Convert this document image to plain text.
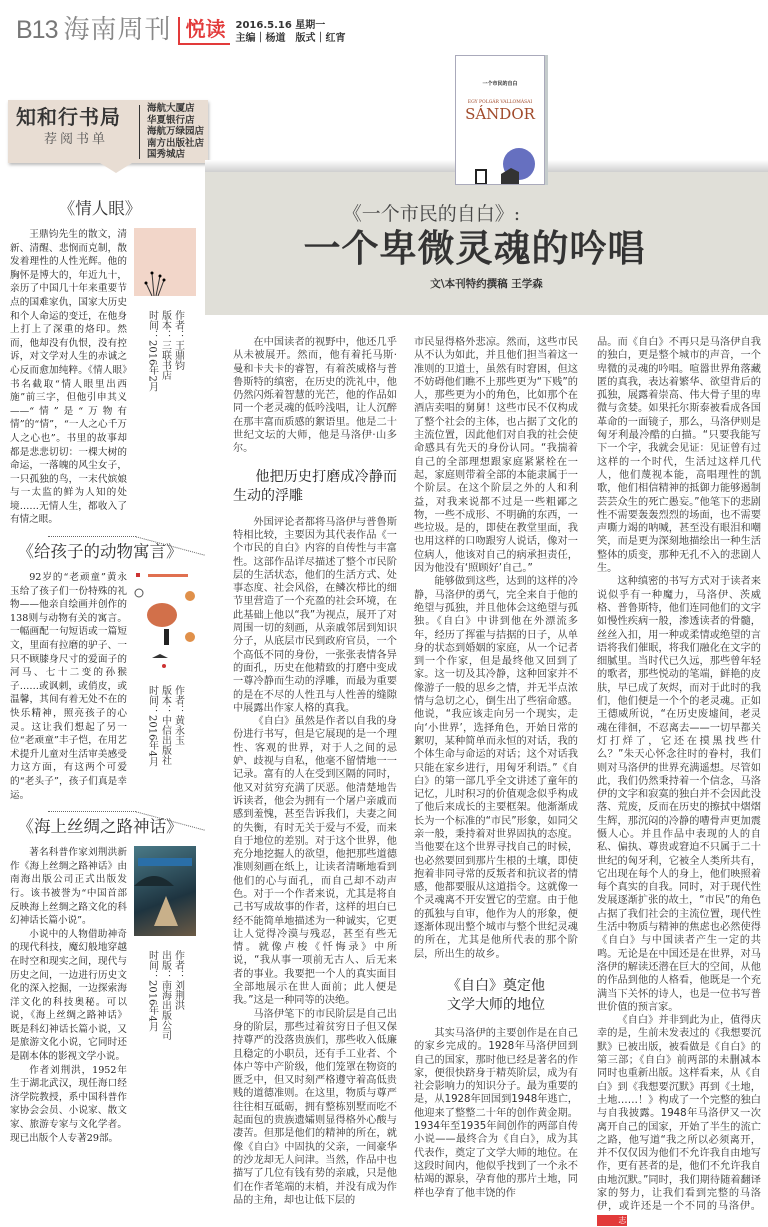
B13 海南周刊 悦读	2016.5.16 星期一
主编｜杨道　版式｜红宵
知和行书局
荐阅书单
海航大厦店
华夏银行店
海航万绿园店
南方出版社店
国秀城店
《情人眼》

王鼎钧先生的散文，清新、清醒、悲悯而克制，散发着理性的人性光辉。他的胸怀是博大的，年近九十，亲历了中国几十年来重要节点的国难家仇，国家大历史和个人命运的变迁，在他身上打上了深重的烙印。然而，他却没有仇恨，没有控诉，对文学对人生的赤诚之心反而愈加纯粹。《情人眼》书名截取“情人眼里出西施”前三字，但他引申其义——“情”是“万物有情”的“情”，“一人之心千万人之心也”。书里的故事却都是悲悲切切：一棵大树的命运，一落魄的风尘女子，一只孤独的鸟，一末代嫔娘与一太监的鲜为人知的处境……无情人生，都收入了有情之眼。

作者：王鼎钧
版本：三联书店
时间：2016年2月
《给孩子的动物寓言》

92岁的“老顽童”黄永玉给了孩子们一份特殊的礼物——他亲自绘画并创作的138则与动物有关的寓言。一幅画配一句短语或一篇短文，里面有拉磨的驴子、一只不顾膝身尺寸的爱面子的河马、七十二变的孙猴子……或讽刺，或俏皮，或温馨，其间有着无处不在的快乐精神，照亮孩子的心灵。这让我们想起了另一位“老顽童”丰子恺，在用艺术提升儿童对生活审美感受力这方面，有这两个可爱的“老头子”，孩子们真是幸运。

作者：黄永玉
版本：中信出版社
时间：2016年4月
《海上丝绸之路神话》

著名科普作家刘荆洪新作《海上丝绸之路神话》由南海出版公司正式出版发行。该书被誉为“中国首部反映海上丝绸之路文化的科幻神话长篇小说”。

小说中的人物借助神奇的现代科技，魔幻般地穿越在时空和现实之间，现代与历史之间，一边进行历史文化的深入挖掘，一边探索海洋文化的科技奥秘。可以说，《海上丝绸之路神话》既是科幻神话长篇小说，又是旅游文化小说，它同时还是剧本体的影视文学小说。

作者刘荆洪，1952年生于湖北武汉，现任海口经济学院教授，系中国科普作家协会会员、小说家、散文家、旅游专家与文化学者。现已出版个人专著29部。

作者：刘荆洪
出版：南海出版公司
时间：2016年4月
《一个市民的自白》:
一个卑微灵魂的吟唱
文\本刊特约撰稿 王学森
一个市民的自白
EGY POLGÁR VALLOMÁSAI
SÁNDOR

在中国读者的视野中，他还几乎从未被展开。然而，他有着托马斯·曼和卡夫卡的睿智，有着茨威格与普鲁斯特的缜密，在历史的洗礼中，他仍然闪烁着智慧的光芒，他的作品如同一个老灵魂的低吟浅唱，让人沉醉在那丰富而质感的絮语里。他是二十世纪文坛的大师，他是马洛伊·山多尔。

他把历史打磨成冷静而生动的浮雕

外国评论者都将马洛伊与普鲁斯特相比较，主要因为其代表作品《一个市民的自白》内容的自传性与丰富性。这部作品详尽描述了整个市民阶层的生活状态，他们的生活方式、处事态度、社会风俗，在鳞次栉比的细节里营造了一个充盈的社会环境，在此基础上他以“我”为视点，展开了对周围一切的刻画，从亲戚邻居到知识分子，从底层市民到政府官员，一个个高低不同的身份，一张张表情各异的面孔，历史在他精致的打磨中变成一尊冷静而生动的浮雕，而最为重要的是在不尽的人性丑与人性善的缝隙中展露出作家人格的真我。

《自白》虽然是作者以自我的身份进行书写，但是它展现的是一个理性、客观的世界，对于人之间的忌妒、歧视与自私，他毫不留情地一一记录。富有的人在受到区隔的同时，他又对贫穷充满了厌恶。他清楚地告诉读者，他会为拥有一个屠户亲戚而感到羞愧，甚至告诉我们，夫妻之间的失衡，有时无关于爱与不爱，而来自于地位的差别。对于这个世界，他充分地挖掘人的欲望，他把那些道德准则刻画在纸上，让读者清晰地看到他们的心与面孔，而自己却不动声色。对于一个作者来说，尤其是将自己书写成故事的作者，这样的坦白已经不能简单地描述为一种诚实，它更让人觉得冷漠与残忍，甚至有些无情。就像卢梭《忏悔录》中所说，“我从事一项前无古人、后无来者的事业。我要把一个人的真实面目全部地展示在世人面前；此人便是我。”这是一种同等的决绝。

马洛伊笔下的市民阶层是自己出身的阶层，那些过着贫穷日子但又保持尊严的没落贵族们，那些收入低廉且稳定的小职员，还有手工业者、个体户等中产阶级，他们笼罩在物资的匮乏中，但又时刻严格遵守着高低贵贱的道德准则。在这里，物质与尊严往往相互砥砺，拥有整栋别墅而吃不起面包的贵族遗孀则显得格外心酸与凄苦。但那是他们的精神的所在，就像《自白》中固执的父亲，一间豪华的沙龙却无人问津。当然，作品中也描写了几位有钱有势的亲戚，只是他们在作者笔端的末梢，并没有成为作品的主角，却也让低下层的

市民显得格外悲凉。然而，这些市民从不认为如此，并且他们担当着这一准则的卫道士，虽然有时窘困，但这不妨碍他们瞧不上那些更为“下贱”的人，那些更为小的角色，比如那个在酒店卖唱的舅舅！这些市民不仅构成了整个社会的主体，也占据了文化的主流位置，因此他们对自我的社会使命感具有先天的身份认同。“我揣着自己的全部理想跟家庭紧紧栓在一起，家庭则带着全部的本能隶属于一个阶层。在这个阶层之外的人和利益，对我来说都不过是一些粗鄙之物，一些不成形、不明确的东西，一些垃圾。是的，即使在教堂里面，我也用这样的口吻跟穷人说话，像对一位病人，他该对自己的病承担责任，因为他没有‘照顾好’自己。”

能够做到这些，达到的这样的冷静，马洛伊的勇气，完全来自于他的绝望与孤独，并且他体会这绝望与孤独。《自白》中讲到他在外漂流多年，经历了挥霍与拮据的日子，从单身的状态到婚姻的家庭，从一个记者到一个作家，但是最终他又回到了家。这一切及其冷静，这种回家并不像游子一般的思乡之情，并无半点浓情与急切之心，倒生出了些宿命感。他说，“我应该走向另一个现实，走向‘小世界’，选择角色，开始日常的絮叨，某种简单而永恒的对话，我的个体生命与命运的对话；这个对话我只能在家乡进行，用匈牙利语。”《自白》的第一部几乎全文讲述了童年的记忆，儿时积习的价值观念似乎构成了他后来成长的主要框架。他渐渐成长为一个标准的“市民”形象，如同父亲一般，秉持着对世界固执的态度。当他要在这个世界寻找自己的时候，也必然要回到那片生根的土壤，即使抱着非同寻常的反叛者和抗议者的情感，他都要服从这道指令。这就像一个灵魂离不开安置它的茔窟。由于他的孤独与自审，他作为人的形象，便逐渐体现出整个城市与整个世纪灵魂的所在，尤其是他所代表的那个阶层，所出生的故乡。

《自白》奠定他
文学大师的地位

其实马洛伊的主要创作是在自己的家乡完成的。1928年马洛伊回到自己的国家，那时他已经是著名的作家，便很快跻身于精英阶层，成为有社会影响力的知识分子。最为重要的是，从1928年回国到1948年逃亡，他迎来了整整二十年的创作黄金期。1934年至1935年间创作的两部自传小说——最终合为《自白》，成为其代表作，奠定了文学大师的地位。在这段时间内，他似乎找到了一个永不枯竭的源泉，孕育他的那片土地，同样也孕育了他丰饶的作

品。而《自白》不再只是马洛伊自我的独白，更是整个城市的声音，一个卑微的灵魂的吟唱。喧嚣世界角落藏匿的真我，表达着繁华、欲望背后的孤独，展露着崇高、伟大骨子里的卑微与贪婪。如果托尔斯泰被看成各国革命的一面镜子，那么，马洛伊则是匈牙利最冷酷的白描。“只要我能写下一个字，我就会见证：见证曾有过这样的一个时代，生活过这样几代人，他们蔑视本能，高唱理性的凯歌，他们相信精神的抵御力能够遏制芸芸众生的死亡愚妄。”他笔下的悲剧性不需要轰轰烈烈的场面，也不需要声嘶力竭的呐喊，甚至没有眼泪和嘲笑，而是更为深刻地描绘出一种生活整体的质变，那种无孔不入的悲剧人生。

这种缜密的书写方式对于读者来说似乎有一种魔力，马洛伊、茨威格、普鲁斯特，他们连同他们的文字如慢性疾病一般，渗透读者的骨髓，丝丝入扣，用一种或柔情或绝望的言语将我们催眠，将我们融化在文字的细腻里。当时代已久远，那些曾年轻的歌者，那些悦动的笔端，鲜艳的皮肤，早已成了灰烬，而对于此时的我们，他们便是一个个的老灵魂。正如王德威所说，“在历史废墟间，老灵魂在徘徊，不忍离去——一切早都关灯打烊了，它还在摸黑找些什么？”朱天心怀念往时的眷村，我们则对马洛伊的世界充满遥想。尽管如此，我们仍然秉持着一个信念，马洛伊的文字和寂寞的独白并不会因此没落、荒废，反而在历史的擦拭中熠熠生辉，那沉闷的冷静的嘈骨声更加震慑人心。并且作品中表现的人的自私、偏执、尊贵或窘迫不只属于二十世纪的匈牙利，它被全人类所共有，它出现在每个人的身上，他们映照着每个真实的自我。同时，对于现代性发展逐渐扩张的故土，“市民”的角色占据了我们社会的主流位置，现代性生活中物质与精神的焦虑也必然使得《自白》与中国读者产生一定的共鸣。无论是在中国还是在世界，对马洛伊的解读还潜在巨大的空间，从他的作品到他的人格看，他既是一个充满当下关怀的诗人，也是一位书写普世价值的预言家。

《自白》并非到此为止，值得庆幸的是，生前未发表过的《我想要沉默》已被出版，被看做是《自白》的第三部；《自白》前两部的未删减本同时也重新出版。这样看来，从《自白》到《我想要沉默》再到《土地，土地……！》构成了一个完整的独白与自我披露。1948年马洛伊又一次离开自己的国家，开始了半生的流亡之路，他写道“我之所以必须离开，并不仅仅因为他们不允许我自由地写作，更有甚者的是，他们不允许我自由地沉默。”同时，我们期待随着翻译家的努力，让我们看到完整的马洛伊，或许还是一个不同的马洛伊。 志
